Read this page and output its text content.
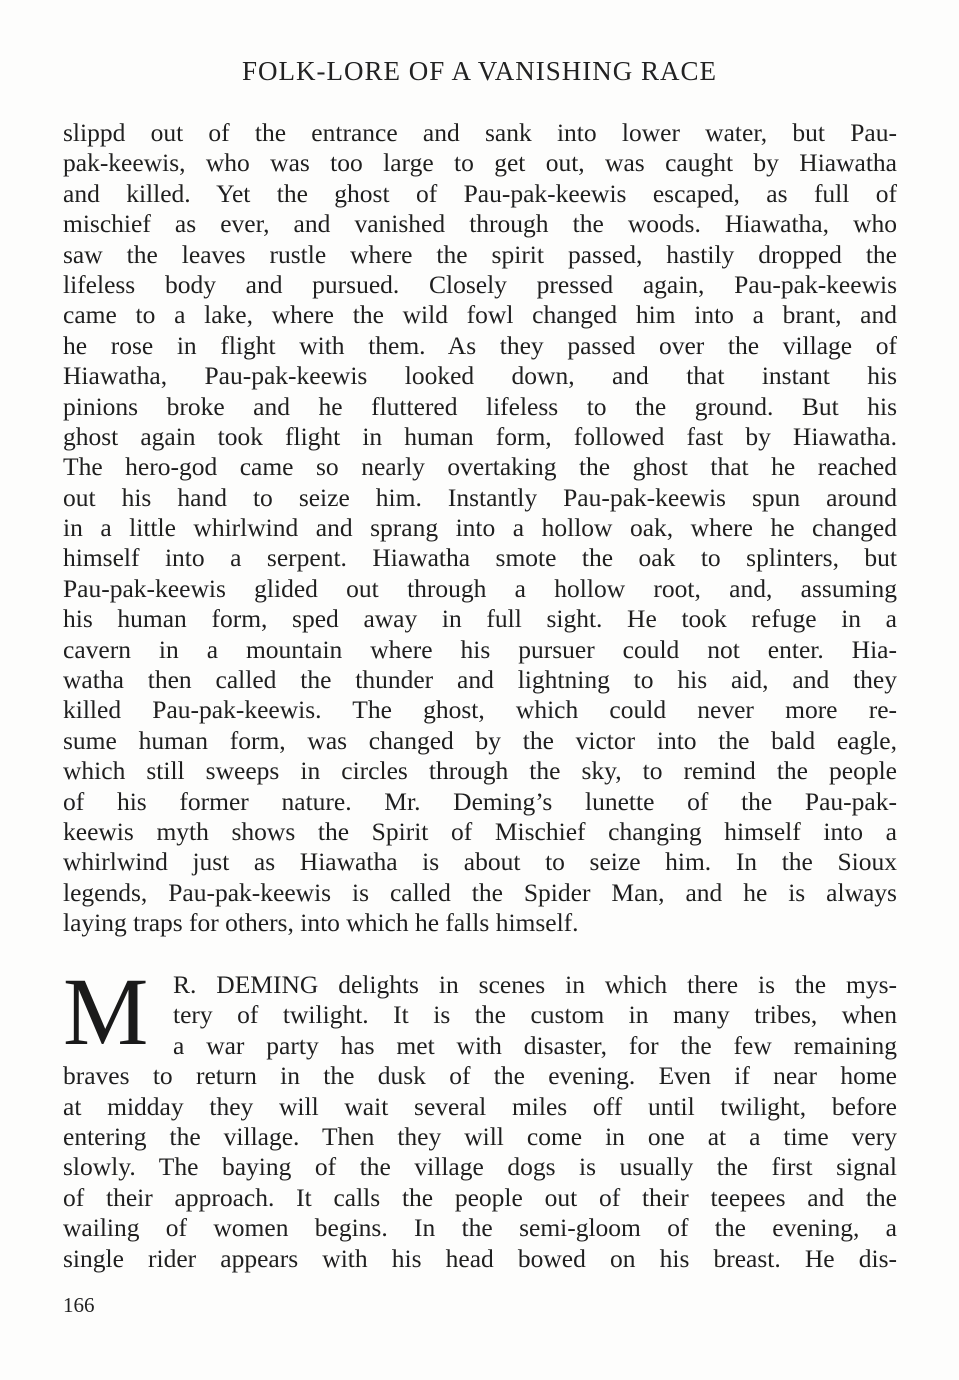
FOLK-LORE OF A VANISHING RACE
slippd out of the entrance and sank into lower water, but Pau-
pak-keewis, who was too large to get out, was caught by Hiawatha
and killed. Yet the ghost of Pau-pak-keewis escaped, as full of
mischief as ever, and vanished through the woods. Hiawatha, who
saw the leaves rustle where the spirit passed, hastily dropped the
lifeless body and pursued. Closely pressed again, Pau-pak-keewis
came to a lake, where the wild fowl changed him into a brant, and
he rose in flight with them. As they passed over the village of
Hiawatha, Pau-pak-keewis looked down, and that instant his
pinions broke and he fluttered lifeless to the ground. But his
ghost again took flight in human form, followed fast by Hiawatha.
The hero-god came so nearly overtaking the ghost that he reached
out his hand to seize him. Instantly Pau-pak-keewis spun around
in a little whirlwind and sprang into a hollow oak, where he changed
himself into a serpent. Hiawatha smote the oak to splinters, but
Pau-pak-keewis glided out through a hollow root, and, assuming
his human form, sped away in full sight. He took refuge in a
cavern in a mountain where his pursuer could not enter. Hia-
watha then called the thunder and lightning to his aid, and they
killed Pau-pak-keewis. The ghost, which could never more re-
sume human form, was changed by the victor into the bald eagle,
which still sweeps in circles through the sky, to remind the people
of his former nature. Mr. Deming’s lunette of the Pau-pak-
keewis myth shows the Spirit of Mischief changing himself into a
whirlwind just as Hiawatha is about to seize him. In the Sioux
legends, Pau-pak-keewis is called the Spider Man, and he is always
laying traps for others, into which he falls himself.
M R. DEMING delights in scenes in which there is the mys-
tery of twilight. It is the custom in many tribes, when
a war party has met with disaster, for the few remaining
braves to return in the dusk of the evening. Even if near home
at midday they will wait several miles off until twilight, before
entering the village. Then they will come in one at a time very
slowly. The baying of the village dogs is usually the first signal
of their approach. It calls the people out of their teepees and the
wailing of women begins. In the semi-gloom of the evening, a
single rider appears with his head bowed on his breast. He dis-
166
